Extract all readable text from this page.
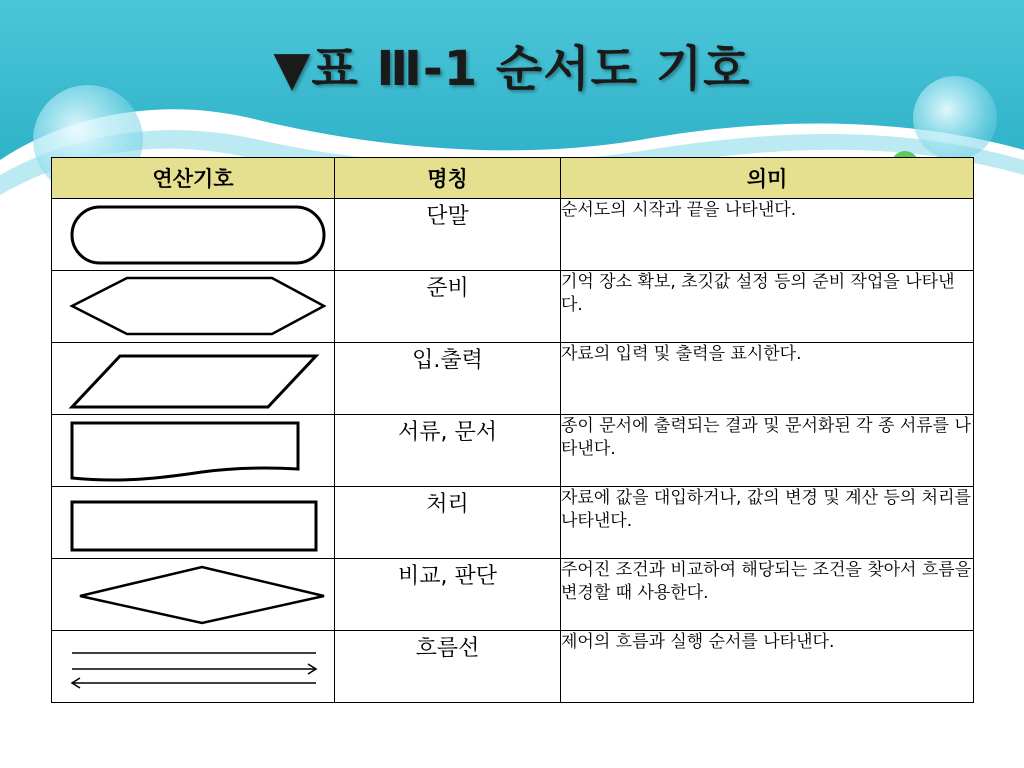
▼표 Ⅲ-1 순서도 기호
연산기호	명칭	의미

	단말	순서도의 시작과 끝을 나타낸다.

	준비	기억 장소 확보, 초깃값 설정 등의 준비 작업을 나타낸다.

	입.출력	자료의 입력 및 출력을 표시한다.

	서류, 문서	종이 문서에 출력되는 결과 및 문서화된 각 종 서류를 나타낸다.

	처리	자료에 값을 대입하거나, 값의 변경 및 계산 등의 처리를 나타낸다.

	비교, 판단	주어진 조건과 비교하여 해당되는 조건을 찾아서 흐름을 변경할 때 사용한다.

	흐름선	제어의 흐름과 실행 순서를 나타낸다.
